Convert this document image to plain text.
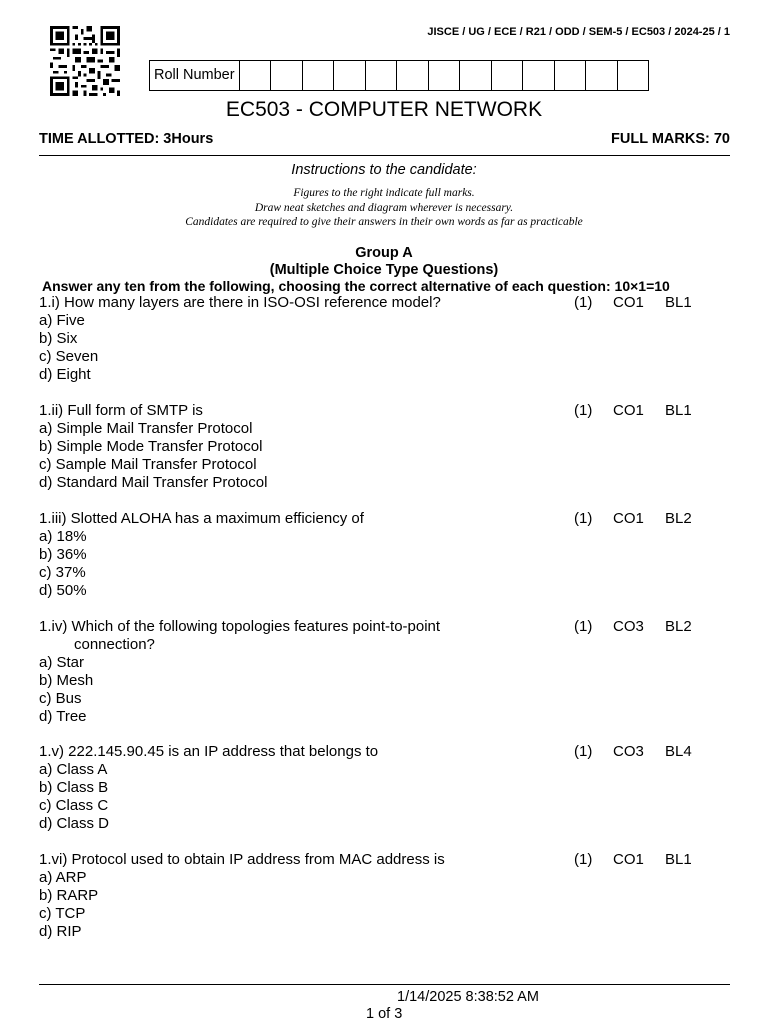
JISCE / UG / ECE / R21 / ODD / SEM-5 / EC503 / 2024-25 / 1
Roll Number
EC503 - COMPUTER NETWORK
TIME ALLOTTED: 3Hours	FULL MARKS: 70
Instructions to the candidate:
Figures to the right indicate full marks.
Draw neat sketches and diagram wherever is necessary.
Candidates are required to give their answers in their own words as far as practicable
Group A
(Multiple Choice Type Questions)
Answer any ten from the following, choosing the correct alternative of each question: 10×1=10
1.i) How many layers are there in ISO-OSI reference model?	(1) CO1 BL1
a) Five
b) Six
c) Seven
d) Eight
1.ii) Full form of SMTP is	(1) CO1 BL1
a) Simple Mail Transfer Protocol
b) Simple Mode Transfer Protocol
c) Sample Mail Transfer Protocol
d) Standard Mail Transfer Protocol
1.iii) Slotted ALOHA has a maximum efficiency of	(1) CO1 BL2
a) 18%
b) 36%
c) 37%
d) 50%
1.iv) Which of the following topologies features point-to-point	(1) CO3 BL2
connection?
a) Star
b) Mesh
c) Bus
d) Tree
1.v) 222.145.90.45 is an IP address that belongs to	(1) CO3 BL4
a) Class A
b) Class B
c) Class C
d) Class D
1.vi) Protocol used to obtain IP address from MAC address is	(1) CO1 BL1
a) ARP
b) RARP
c) TCP
d) RIP
1/14/2025 8:38:52 AM
1 of 3
